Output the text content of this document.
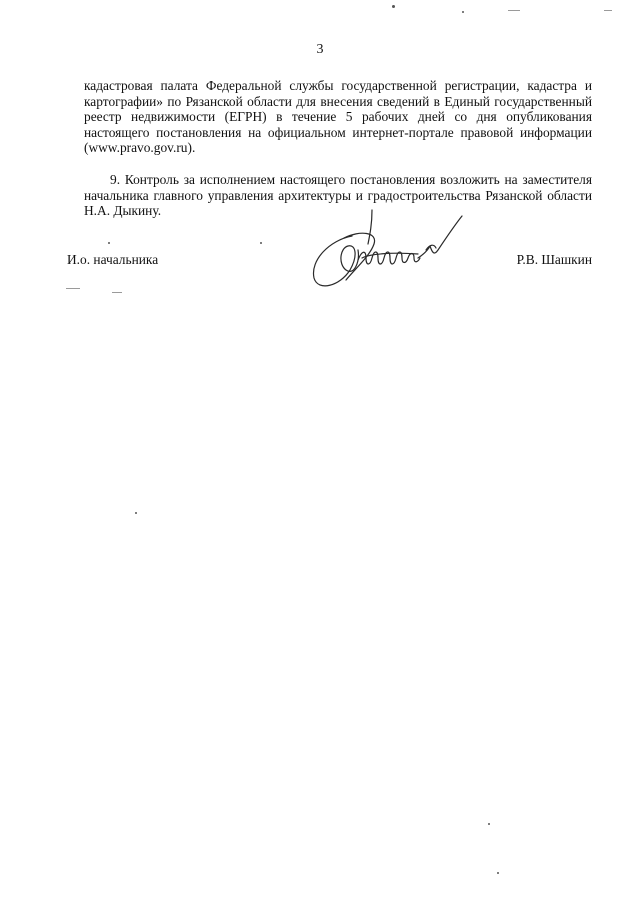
3
кадастровая палата Федеральной службы государственной регистрации, кадастра и картографии» по Рязанской области для внесения сведений в Единый государственный реестр недвижимости (ЕГРН) в течение 5 рабочих дней со дня опубликования настоящего постановления на официальном интернет-портале правовой информации (www.pravo.gov.ru).
9. Контроль за исполнением настоящего постановления возложить на заместителя начальника главного управления архитектуры и градостроительства Рязанской области Н.А. Дыкину.
И.о. начальника	Р.В. Шашкин
